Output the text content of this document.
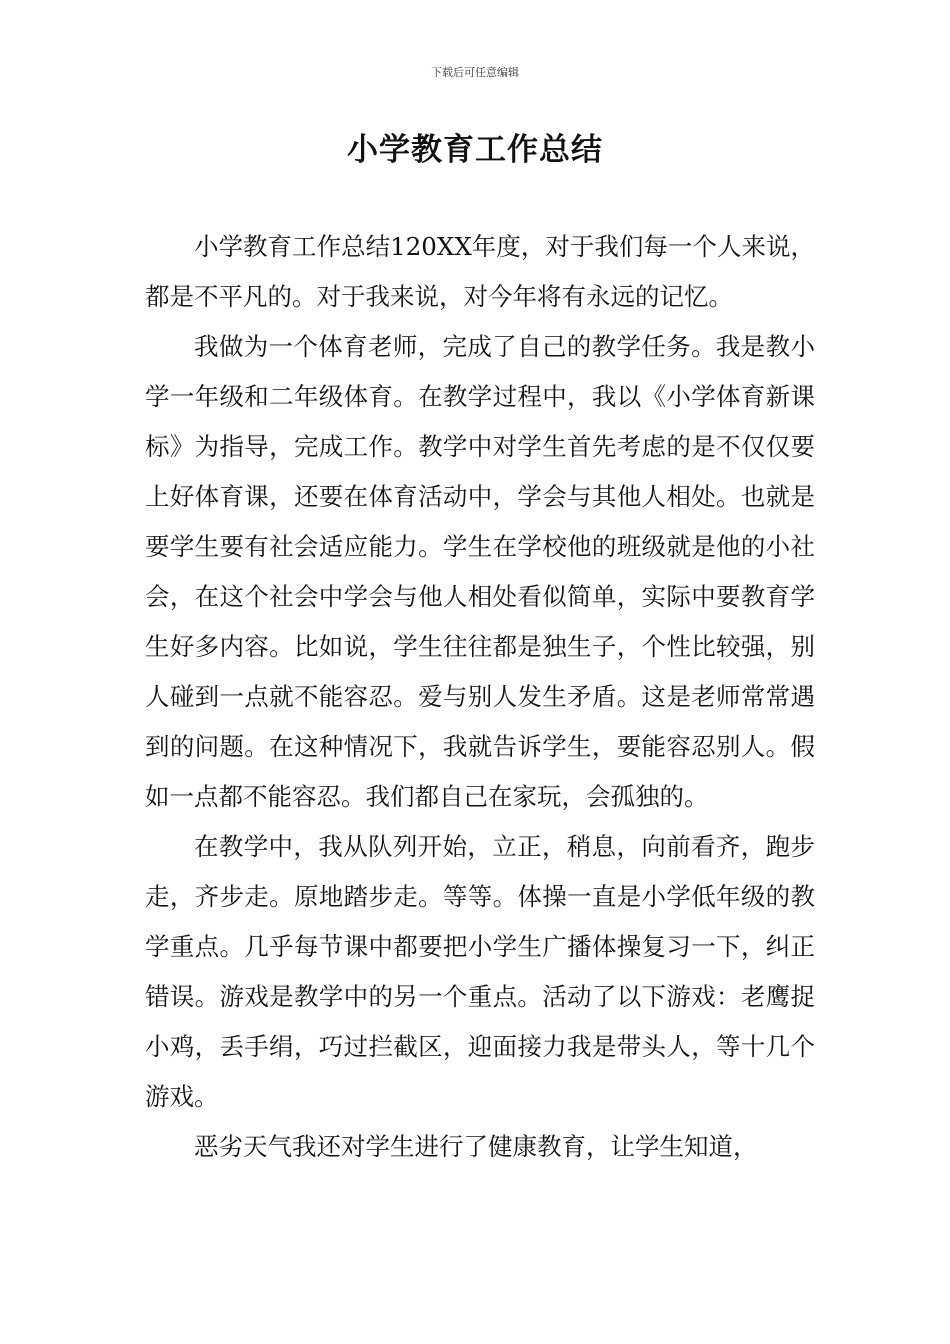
下载后可任意编辑
小学教育工作总结

小学教育工作总结120XX年度，对于我们每一个人来说，都是不平凡的。对于我来说，对今年将有永远的记忆。

我做为一个体育老师，完成了自己的教学任务。我是教小学一年级和二年级体育。在教学过程中，我以《小学体育新课标》为指导，完成工作。教学中对学生首先考虑的是不仅仅要上好体育课，还要在体育活动中，学会与其他人相处。也就是要学生要有社会适应能力。学生在学校他的班级就是他的小社会，在这个社会中学会与他人相处看似简单，实际中要教育学生好多内容。比如说，学生往往都是独生子，个性比较强，别人碰到一点就不能容忍。爱与别人发生矛盾。这是老师常常遇到的问题。在这种情况下，我就告诉学生，要能容忍别人。假如一点都不能容忍。我们都自己在家玩，会孤独的。

在教学中，我从队列开始，立正，稍息，向前看齐，跑步走，齐步走。原地踏步走。等等。体操一直是小学低年级的教学重点。几乎每节课中都要把小学生广播体操复习一下，纠正错误。游戏是教学中的另一个重点。活动了以下游戏：老鹰捉小鸡，丢手绢，巧过拦截区，迎面接力我是带头人，等十几个游戏。

恶劣天气我还对学生进行了健康教育，让学生知道，
